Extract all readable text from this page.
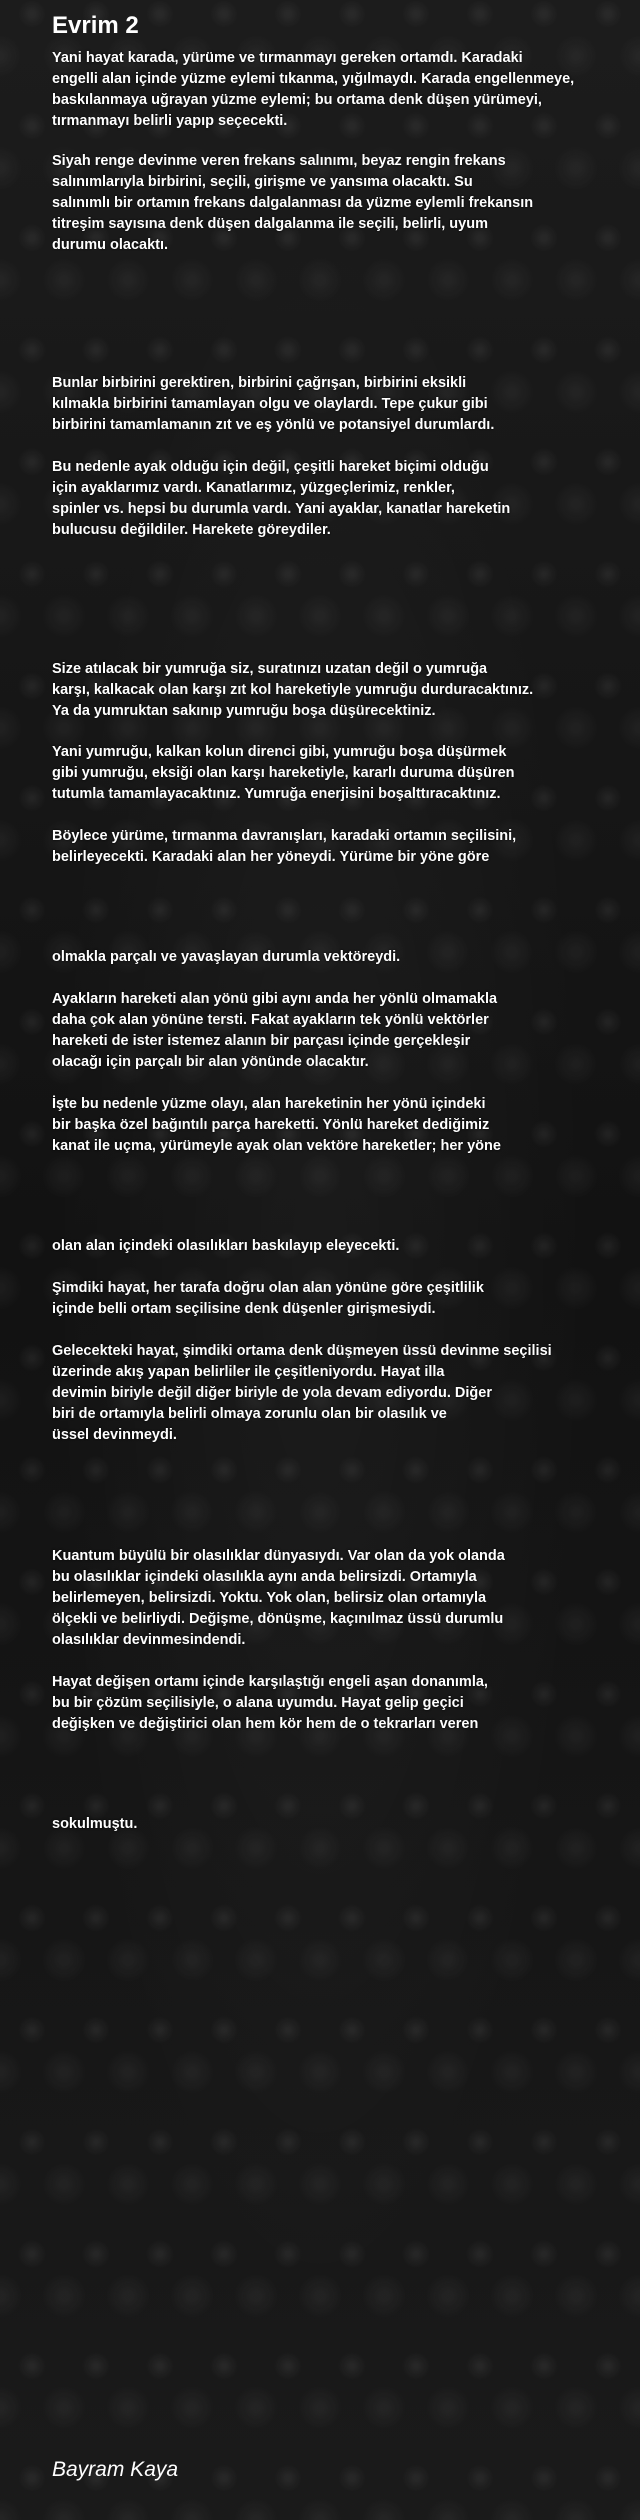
Evrim 2

Yani hayat karada, yürüme ve tırmanmayı gereken ortamdı. Karadaki
engelli alan içinde yüzme eylemi tıkanma, yığılmaydı. Karada engellenmeye,
baskılanmaya uğrayan yüzme eylemi; bu ortama denk düşen yürümeyi,
tırmanmayı belirli yapıp seçecekti.

Siyah renge devinme veren frekans salınımı, beyaz rengin frekans
salınımlarıyla birbirini, seçili, girişme ve yansıma olacaktı. Su
salınımlı bir ortamın frekans dalgalanması da yüzme eylemli frekansın
titreşim sayısına denk düşen dalgalanma ile seçili, belirli, uyum
durumu olacaktı.

Bunlar birbirini gerektiren, birbirini çağrışan, birbirini eksikli
kılmakla birbirini tamamlayan olgu ve olaylardı. Tepe çukur gibi
birbirini tamamlamanın zıt ve eş yönlü ve potansiyel durumlardı.

Bu nedenle ayak olduğu için değil, çeşitli hareket biçimi olduğu
için ayaklarımız vardı. Kanatlarımız, yüzgeçlerimiz, renkler,
spinler vs. hepsi bu durumla vardı. Yani ayaklar, kanatlar hareketin
bulucusu değildiler. Harekete göreydiler.

Size atılacak bir yumruğa siz, suratınızı uzatan değil o yumruğa
karşı, kalkacak olan karşı zıt kol hareketiyle yumruğu durduracaktınız.
Ya da yumruktan sakınıp yumruğu boşa düşürecektiniz.

Yani yumruğu, kalkan kolun direnci gibi, yumruğu boşa düşürmek
gibi yumruğu, eksiği olan karşı hareketiyle, kararlı duruma düşüren
tutumla tamamlayacaktınız. Yumruğa enerjisini boşalttıracaktınız.

Böylece yürüme, tırmanma davranışları, karadaki ortamın seçilisini,
belirleyecekti. Karadaki alan her yöneydi. Yürüme bir yöne göre

olmakla parçalı ve yavaşlayan durumla vektöreydi.

Ayakların hareketi alan yönü gibi aynı anda her yönlü olmamakla
daha çok alan yönüne tersti. Fakat ayakların tek yönlü vektörler
hareketi de ister istemez alanın bir parçası içinde gerçekleşir
olacağı için parçalı bir alan yönünde olacaktır.

İşte bu nedenle yüzme olayı, alan hareketinin her yönü içindeki
bir başka özel bağıntılı parça hareketti. Yönlü hareket dediğimiz
kanat ile uçma, yürümeyle ayak olan vektöre hareketler; her yöne

olan alan içindeki olasılıkları baskılayıp eleyecekti.

Şimdiki hayat, her tarafa doğru olan alan yönüne göre çeşitlilik
içinde belli ortam seçilisine denk düşenler girişmesiydi.

Gelecekteki hayat, şimdiki ortama denk düşmeyen üssü devinme seçilisi
üzerinde akış yapan belirliler ile çeşitleniyordu. Hayat illa
devimin biriyle değil diğer biriyle de yola devam ediyordu. Diğer
biri de ortamıyla belirli olmaya zorunlu olan bir olasılık ve
üssel devinmeydi.

Kuantum büyülü bir olasılıklar dünyasıydı. Var olan da yok olanda
bu olasılıklar içindeki olasılıkla aynı anda belirsizdi. Ortamıyla
belirlemeyen, belirsizdi. Yoktu. Yok olan, belirsiz olan ortamıyla
ölçekli ve belirliydi. Değişme, dönüşme, kaçınılmaz üssü durumlu
olasılıklar devinmesindendi.

Hayat değişen ortamı içinde karşılaştığı engeli aşan donanımla,
bu bir çözüm seçilisiyle, o alana uyumdu. Hayat gelip geçici
değişken ve değiştirici olan hem kör hem de o tekrarları veren

sokulmuştu.

Bayram Kaya
